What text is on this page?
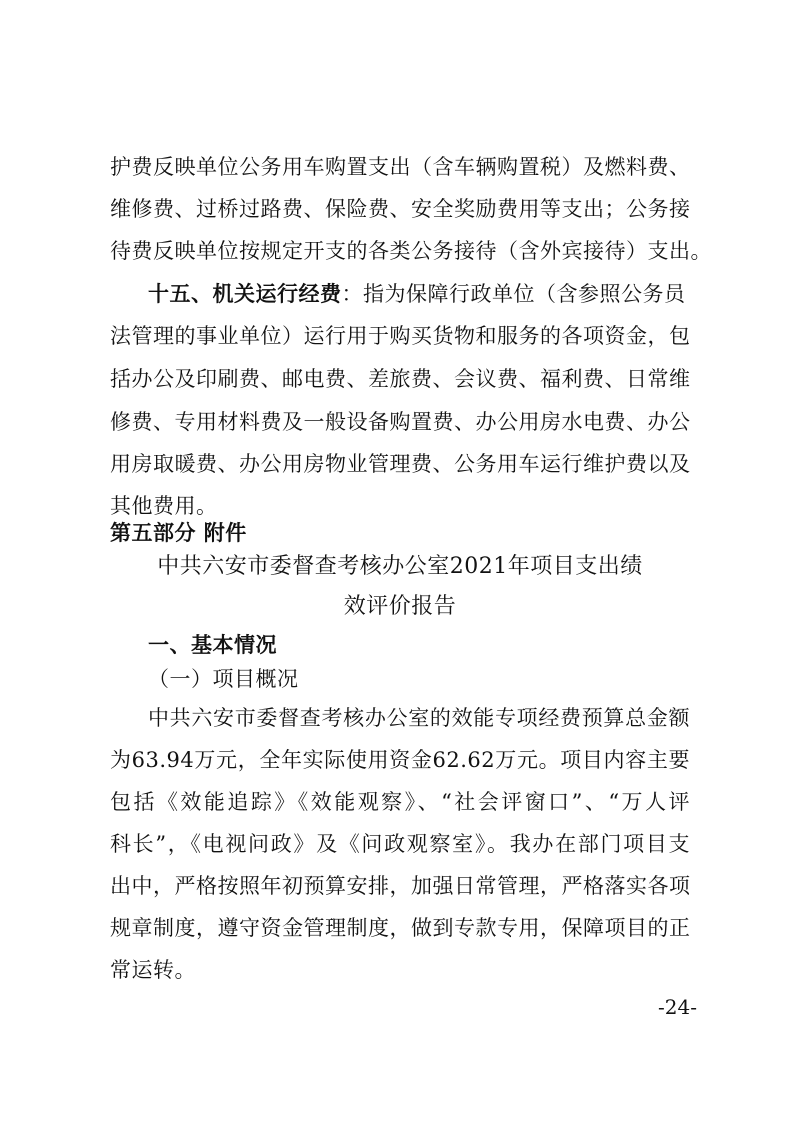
护费反映单位公务用车购置支出（含车辆购置税）及燃料费、
维修费、过桥过路费、保险费、安全奖励费用等支出；公务接
待费反映单位按规定开支的各类公务接待（含外宾接待）支出。
十五、机关运行经费：指为保障行政单位（含参照公务员
法管理的事业单位）运行用于购买货物和服务的各项资金，包
括办公及印刷费、邮电费、差旅费、会议费、福利费、日常维
修费、专用材料费及一般设备购置费、办公用房水电费、办公
用房取暖费、办公用房物业管理费、公务用车运行维护费以及
其他费用。
第五部分 附件
中共六安市委督查考核办公室2021年项目支出绩
效评价报告
一、基本情况
（一）项目概况
中共六安市委督查考核办公室的效能专项经费预算总金额
为63.94万元，全年实际使用资金62.62万元。项目内容主要
包括《效能追踪》《效能观察》、“社会评窗口”、“万人评
科长”，《电视问政》及《问政观察室》。我办在部门项目支
出中，严格按照年初预算安排，加强日常管理，严格落实各项
规章制度，遵守资金管理制度，做到专款专用，保障项目的正
常运转。
-24-
